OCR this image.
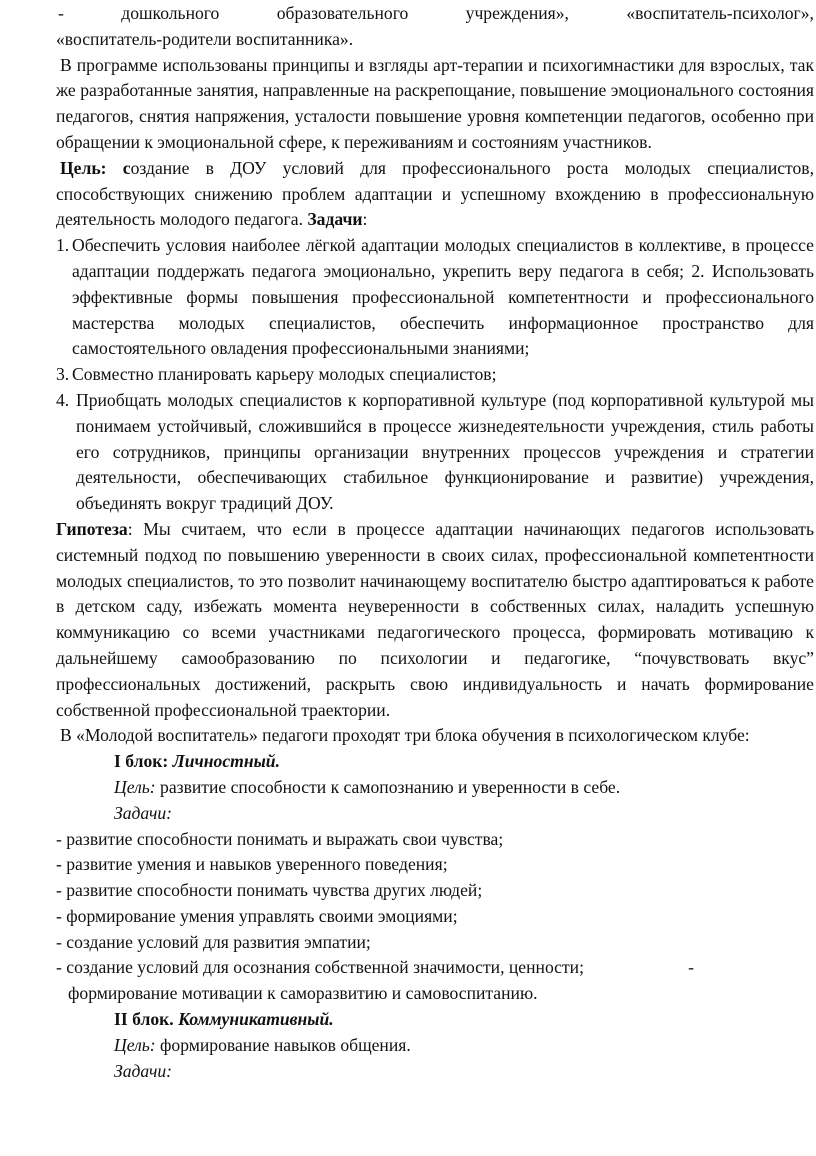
-	дошкольного	образовательного	учреждения»,	«воспитатель-психолог»,

«воспитатель-родители воспитанника».

В программе использованы принципы и взгляды арт-терапии и психогимнастики для взрослых, так же разработанные занятия, направленные на раскрепощание, повышение эмоционального состояния педагогов, снятия напряжения, усталости повышение уровня компетенции педагогов, особенно при обращении к эмоциональной сфере, к переживаниям и состояниям участников.

Цель: создание в ДОУ условий для профессионального роста молодых специалистов, способствующих снижению проблем адаптации и успешному вхождению в профессиональную деятельность молодого педагога. Задачи:

1. Обеспечить условия наиболее лёгкой адаптации молодых специалистов в коллективе, в процессе адаптации поддержать педагога эмоционально, укрепить веру педагога в себя; 2. Использовать эффективные формы повышения профессиональной компетентности и профессионального мастерства молодых специалистов, обеспечить информационное пространство для самостоятельного овладения профессиональными знаниями;
3. Совместно планировать карьеру молодых специалистов;
4. Приобщать молодых специалистов к корпоративной культуре (под корпоративной культурой мы понимаем устойчивый, сложившийся в процессе жизнедеятельности учреждения, стиль работы его сотрудников, принципы организации внутренних процессов учреждения и стратегии деятельности, обеспечивающих стабильное функционирование и развитие) учреждения, объединять вокруг традиций ДОУ.

Гипотеза: Мы считаем, что если в процессе адаптации начинающих педагогов использовать системный подход по повышению уверенности в своих силах, профессиональной компетентности молодых специалистов, то это позволит начинающему воспитателю быстро адаптироваться к работе в детском саду, избежать момента неуверенности в собственных силах, наладить успешную коммуникацию со всеми участниками педагогического процесса, формировать мотивацию к дальнейшему самообразованию по психологии и педагогике, “почувствовать вкус” профессиональных достижений, раскрыть свою индивидуальность и начать формирование собственной профессиональной траектории.

В «Молодой воспитатель» педагоги проходят три блока обучения в психологическом клубе:

I блок: Личностный.

Цель: развитие способности к самопознанию и уверенности в себе.

Задачи:

- развитие способности понимать и выражать свои чувства;

- развитие умения и навыков уверенного поведения;

- развитие способности понимать чувства других людей;

- формирование умения управлять своими эмоциями;

- создание условий для развития эмпатии;

- создание условий для осознания собственной значимости, ценности;	-

формирование мотивации к саморазвитию и самовоспитанию.

II блок. Коммуникативный.

Цель: формирование навыков общения.

Задачи:
